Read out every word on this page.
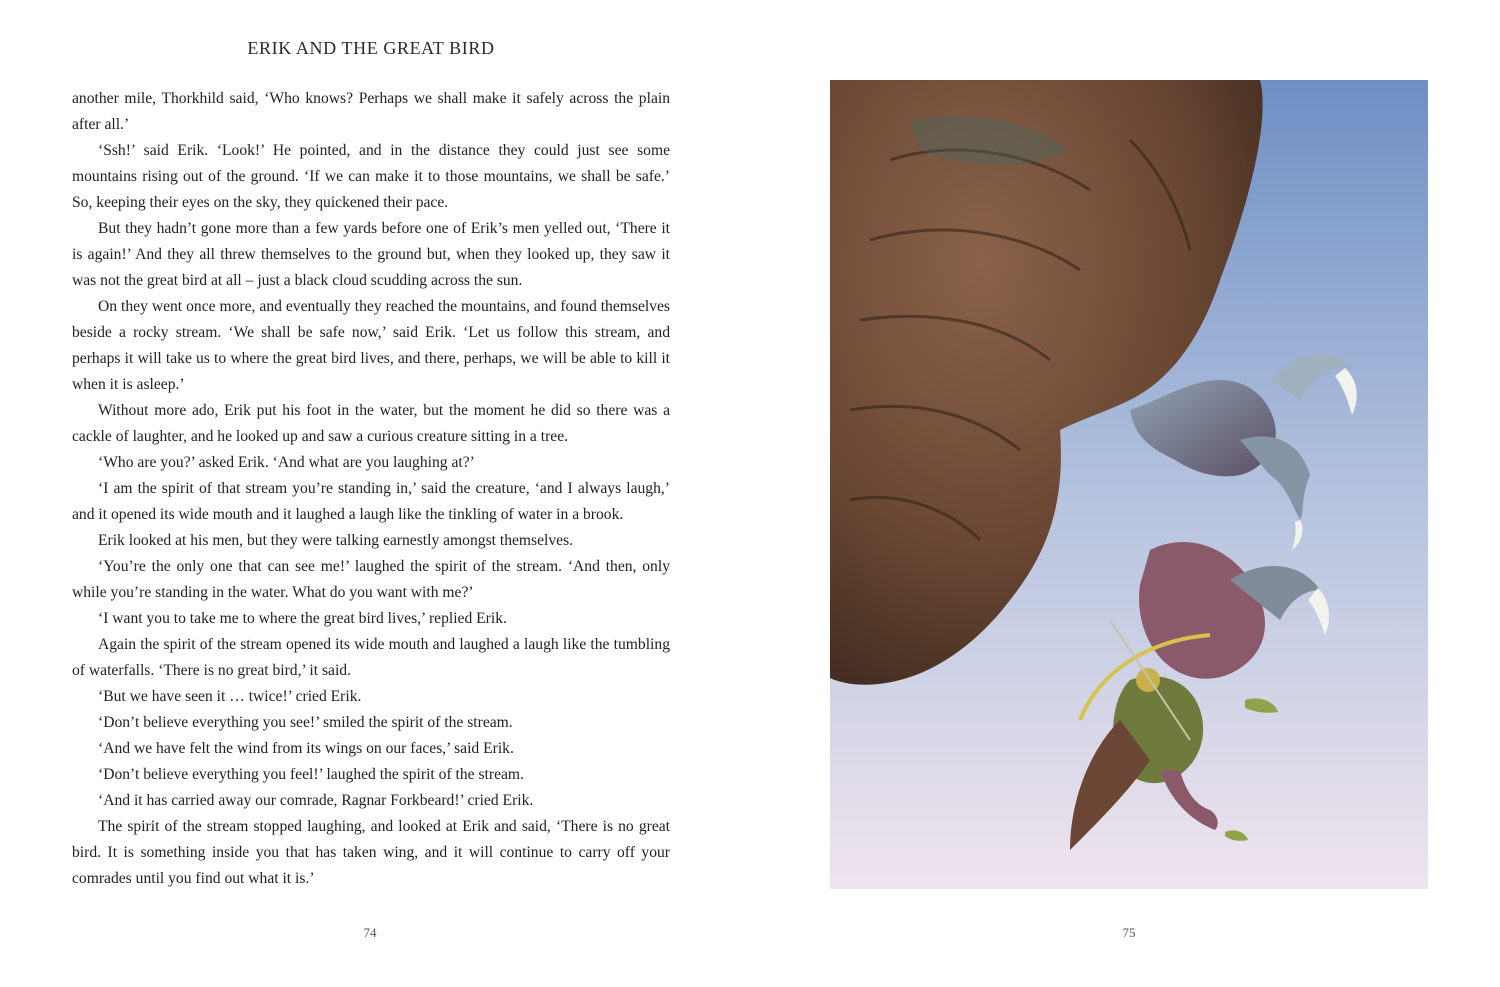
ERIK AND THE GREAT BIRD

another mile, Thorkhild said, ‘Who knows? Perhaps we shall make it safely across the plain after all.’

‘Ssh!’ said Erik. ‘Look!’ He pointed, and in the distance they could just see some mountains rising out of the ground. ‘If we can make it to those mountains, we shall be safe.’ So, keeping their eyes on the sky, they quickened their pace.

But they hadn’t gone more than a few yards before one of Erik’s men yelled out, ‘There it is again!’ And they all threw themselves to the ground but, when they looked up, they saw it was not the great bird at all – just a black cloud scudding across the sun.

On they went once more, and eventually they reached the mountains, and found themselves beside a rocky stream. ‘We shall be safe now,’ said Erik. ‘Let us follow this stream, and perhaps it will take us to where the great bird lives, and there, perhaps, we will be able to kill it when it is asleep.’

Without more ado, Erik put his foot in the water, but the moment he did so there was a cackle of laughter, and he looked up and saw a curious creature sitting in a tree.

‘Who are you?’ asked Erik. ‘And what are you laughing at?’

‘I am the spirit of that stream you’re standing in,’ said the creature, ‘and I always laugh,’ and it opened its wide mouth and it laughed a laugh like the tinkling of water in a brook.

Erik looked at his men, but they were talking earnestly amongst themselves.

‘You’re the only one that can see me!’ laughed the spirit of the stream. ‘And then, only while you’re standing in the water. What do you want with me?’

‘I want you to take me to where the great bird lives,’ replied Erik.

Again the spirit of the stream opened its wide mouth and laughed a laugh like the tumbling of waterfalls. ‘There is no great bird,’ it said.

‘But we have seen it … twice!’ cried Erik.

‘Don’t believe everything you see!’ smiled the spirit of the stream.

‘And we have felt the wind from its wings on our faces,’ said Erik.

‘Don’t believe everything you feel!’ laughed the spirit of the stream.

‘And it has carried away our comrade, Ragnar Forkbeard!’ cried Erik.

The spirit of the stream stopped laughing, and looked at Erik and said, ‘There is no great bird. It is something inside you that has taken wing, and it will continue to carry off your comrades until you find out what it is.’

74	75
